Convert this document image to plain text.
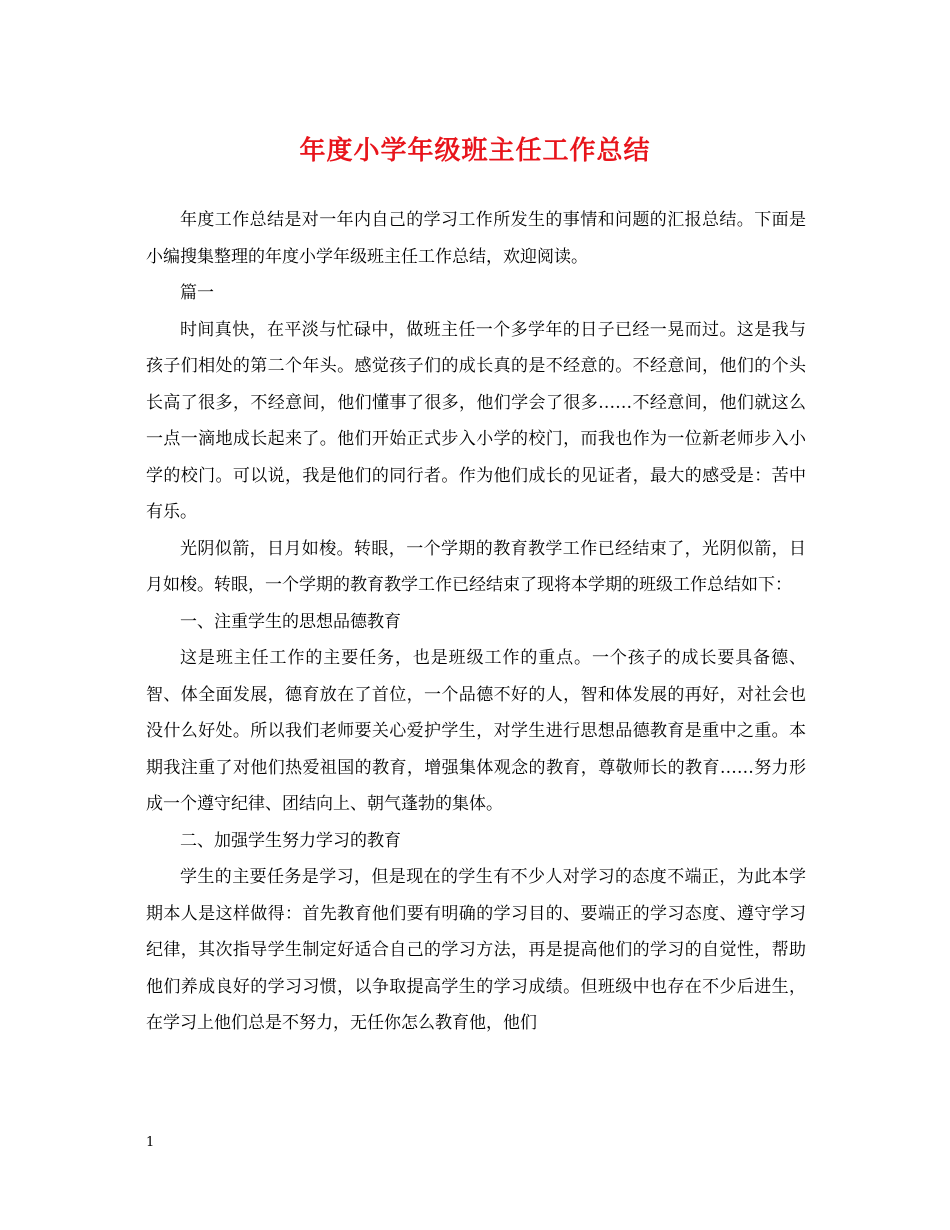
年度小学年级班主任工作总结

年度工作总结是对一年内自己的学习工作所发生的事情和问题的汇报总结。下面是小编搜集整理的年度小学年级班主任工作总结，欢迎阅读。

篇一

时间真快，在平淡与忙碌中，做班主任一个多学年的日子已经一晃而过。这是我与孩子们相处的第二个年头。感觉孩子们的成长真的是不经意的。不经意间，他们的个头长高了很多，不经意间，他们懂事了很多，他们学会了很多……不经意间，他们就这么一点一滴地成长起来了。他们开始正式步入小学的校门，而我也作为一位新老师步入小学的校门。可以说，我是他们的同行者。作为他们成长的见证者，最大的感受是：苦中有乐。

光阴似箭，日月如梭。转眼，一个学期的教育教学工作已经结束了，光阴似箭，日月如梭。转眼，一个学期的教育教学工作已经结束了现将本学期的班级工作总结如下：

一、注重学生的思想品德教育

这是班主任工作的主要任务，也是班级工作的重点。一个孩子的成长要具备德、智、体全面发展，德育放在了首位，一个品德不好的人，智和体发展的再好，对社会也没什么好处。所以我们老师要关心爱护学生，对学生进行思想品德教育是重中之重。本期我注重了对他们热爱祖国的教育，增强集体观念的教育，尊敬师长的教育……努力形成一个遵守纪律、团结向上、朝气蓬勃的集体。

二、加强学生努力学习的教育

学生的主要任务是学习，但是现在的学生有不少人对学习的态度不端正，为此本学期本人是这样做得：首先教育他们要有明确的学习目的、要端正的学习态度、遵守学习纪律，其次指导学生制定好适合自己的学习方法，再是提高他们的学习的自觉性，帮助他们养成良好的学习习惯，以争取提高学生的学习成绩。但班级中也存在不少后进生，在学习上他们总是不努力，无任你怎么教育他，他们

1
